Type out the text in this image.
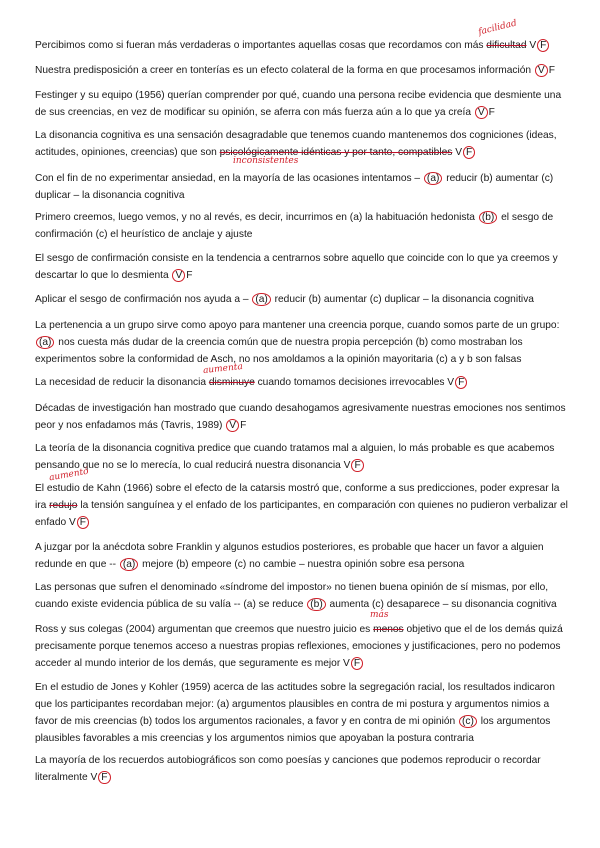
Percibimos como si fueran más verdaderas o importantes aquellas cosas que recordamos con más dificultad V F

facilidad

Nuestra predisposición a creer en tonterías es un efecto colateral de la forma en que procesamos información V F

Festinger y su equipo (1956) querían comprender por qué, cuando una persona recibe evidencia que desmiente una de sus creencias, en vez de modificar su opinión, se aferra con más fuerza aún a lo que ya creía V F

La disonancia cognitiva es una sensación desagradable que tenemos cuando mantenemos dos cogniciones (ideas, actitudes, opiniones, creencias) que son psicológicamente idénticas y por tanto, compatibles V F

inconsistentes

Con el fin de no experimentar ansiedad, en la mayoría de las ocasiones intentamos – (a) reducir (b) aumentar (c) duplicar – la disonancia cognitiva

Primero creemos, luego vemos, y no al revés, es decir, incurrimos en (a) la habituación hedonista (b) el sesgo de confirmación (c) el heurístico de anclaje y ajuste

El sesgo de confirmación consiste en la tendencia a centrarnos sobre aquello que coincide con lo que ya creemos y descartar lo que lo desmienta V F

Aplicar el sesgo de confirmación nos ayuda a – (a) reducir (b) aumentar (c) duplicar – la disonancia cognitiva

La pertenencia a un grupo sirve como apoyo para mantener una creencia porque, cuando somos parte de un grupo: (a) nos cuesta más dudar de la creencia común que de nuestra propia percepción (b) como mostraban los experimentos sobre la conformidad de Asch, no nos amoldamos a la opinión mayoritaria (c) a y b son falsas

La necesidad de reducir la disonancia disminuye cuando tomamos decisiones irrevocables V F

aumenta

Décadas de investigación han mostrado que cuando desahogamos agresivamente nuestras emociones nos sentimos peor y nos enfadamos más (Tavris, 1989) V F

La teoría de la disonancia cognitiva predice que cuando tratamos mal a alguien, lo más probable es que acabemos pensando que no se lo merecía, lo cual reducirá nuestra disonancia V F

El estudio de Kahn (1966) sobre el efecto de la catarsis mostró que, conforme a sus predicciones, poder expresar la ira redujo la tensión sanguínea y el enfado de los participantes, en comparación con quienes no pudieron verbalizar el enfado V F

aumentó

A juzgar por la anécdota sobre Franklin y algunos estudios posteriores, es probable que hacer un favor a alguien redunde en que -- (a) mejore (b) empeore (c) no cambie – nuestra opinión sobre esa persona

Las personas que sufren el denominado «síndrome del impostor» no tienen buena opinión de sí mismas, por ello, cuando existe evidencia pública de su valía -- (a) se reduce (b) aumenta (c) desaparece – su disonancia cognitiva

Ross y sus colegas (2004) argumentan que creemos que nuestro juicio es menos objetivo que el de los demás quizá precisamente porque tenemos acceso a nuestras propias reflexiones, emociones y justificaciones, pero no podemos acceder al mundo interior de los demás, que seguramente es mejor V F

más

En el estudio de Jones y Kohler (1959) acerca de las actitudes sobre la segregación racial, los resultados indicaron que los participantes recordaban mejor: (a) argumentos plausibles en contra de mi postura y argumentos nimios a favor de mis creencias (b) todos los argumentos racionales, a favor y en contra de mi opinión (c) los argumentos plausibles favorables a mis creencias y los argumentos nimios que apoyaban la postura contraria

La mayoría de los recuerdos autobiográficos son como poesías y canciones que podemos reproducir o recordar literalmente V F
